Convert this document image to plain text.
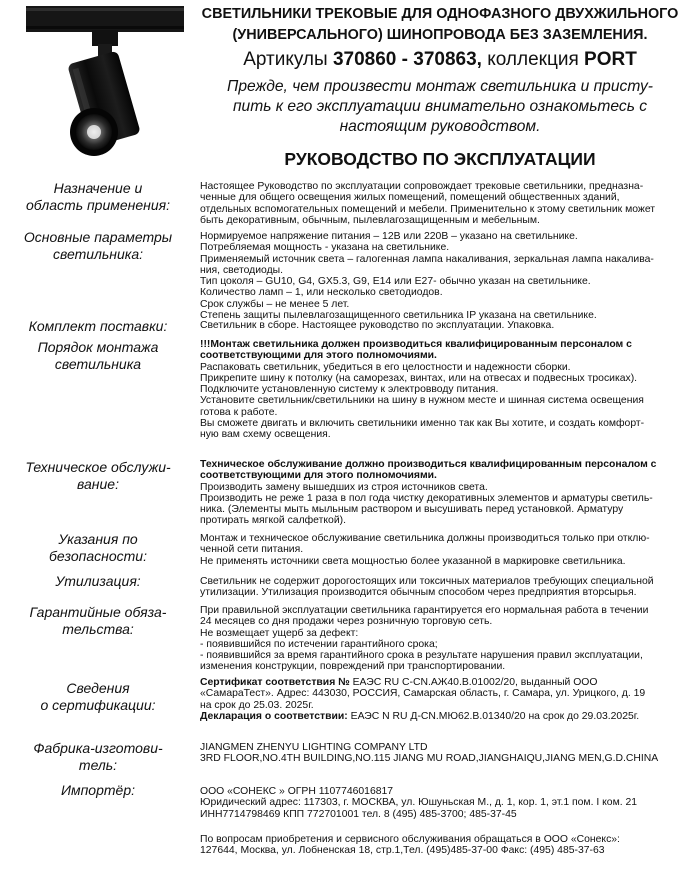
СВЕТИЛЬНИКИ ТРЕКОВЫЕ ДЛЯ ОДНОФАЗНОГО ДВУХЖИЛЬНОГО
(УНИВЕРСАЛЬНОГО) ШИНОПРОВОДА БЕЗ ЗАЗЕМЛЕНИЯ.
Артикулы 370860 - 370863, коллекция PORT
Прежде, чем произвести монтаж светильника и присту-
пить к его эксплуатации внимательно ознакомьтесь с
настоящим руководством.
РУКОВОДСТВО ПО ЭКСПЛУАТАЦИИ
Назначение и
область применения:
Настоящее Руководство по эксплуатации сопровождает трековые светильники, предназна-
ченные для общего освещения жилых помещений, помещений общественных зданий,
отдельных вспомогательных помещений и мебели. Применительно к этому светильник может
быть декоративным, обычным, пылевлагозащищенным и мебельным.
Основные параметры
светильника:
Нормируемое напряжение питания – 12В или 220В – указано на светильнике.
Потребляемая мощность - указана на светильнике.
Применяемый источник света – галогенная лампа накаливания, зеркальная лампа накалива-
ния, светодиоды.
Тип цоколя – GU10, G4, GX5.3, G9, E14 или E27- обычно указан на светильнике.
Количество ламп – 1, или несколько светодиодов.
Срок службы – не менее 5 лет.
Степень защиты пылевлагозащищенного светильника IP указана на светильнике.
Комплект поставки:	Светильник в сборе. Настоящее руководство по эксплуатации. Упаковка.
Порядок монтажа
светильника
!!!Монтаж светильника должен производиться квалифицированным персоналом с
соответствующими для этого полномочиями.
Распаковать светильник, убедиться в его целостности и надежности сборки.
Прикрепите шину к потолку (на саморезах, винтах, или на отвесах и подвесных тросиках).
Подключите установленную систему к электровводу питания.
Установите светильник/светильники на шину в нужном месте и шинная система освещения
готова к работе.
Вы сможете двигать и включить светильники именно так как Вы хотите, и создать комфорт-
ную вам схему освещения.
Техническое обслужи-
вание:
Техническое обслуживание должно производиться квалифицированным персоналом с
соответствующими для этого полномочиями.
Производить замену вышедших из строя источников света.
Производить не реже 1 раза в пол года чистку декоративных элементов и арматуры светиль-
ника. (Элементы мыть мыльным раствором и высушивать перед установкой. Арматуру
протирать мягкой салфеткой).
Указания по
безопасности:
Монтаж и техническое обслуживание светильника должны производиться только при отклю-
ченной сети питания.
Не применять источники света мощностью более указанной в маркировке светильника.
Утилизация:	Светильник не содержит дорогостоящих или токсичных материалов требующих специальной
утилизации. Утилизация производится обычным способом через предприятия вторсырья.
Гарантийные обяза-
тельства:
При правильной эксплуатации светильника гарантируется его нормальная работа в течении
24 месяцев со дня продажи через розничную торговую сеть.
Не возмещает ущерб за дефект:
- появившийся по истечении гарантийного срока;
- появившийся за время гарантийного срока в результате нарушения правил эксплуатации,
изменения конструкции, повреждений при транспортировании.
Сведения
о сертификации:
Сертификат соответствия № ЕАЭС RU С-CN.АЖ40.В.01002/20, выданный ООО
«СамараТест». Адрес: 443030, РОССИЯ, Самарская область, г. Самара, ул. Урицкого, д. 19
на срок до 25.03. 2025г.
Декларация о соответствии: ЕАЭС N RU Д-CN.МЮ62.В.01340/20 на срок до 29.03.2025г.
Фабрика-изготови-
тель:
JIANGMEN ZHENYU LIGHTING COMPANY LTD
3RD FLOOR,NO.4TH BUILDING,NO.115 JIANG MU ROAD,JIANGHAIQU,JIANG MEN,G.D.CHINA
Импортёр:	ООО «СОНЕКС » ОГРН 1107746016817
Юридический адрес: 117303, г. МОСКВА, ул. Юшуньская М., д. 1, кор. 1, эт.1 пом. I ком. 21
ИНН7714798469 КПП 772701001 тел. 8 (495) 485-3700; 485-37-45
По вопросам приобретения и сервисного обслуживания обращаться в ООО «Сонекс»:
127644, Москва, ул. Лобненская 18, стр.1,Тел. (495)485-37-00 Факс: (495) 485-37-63
